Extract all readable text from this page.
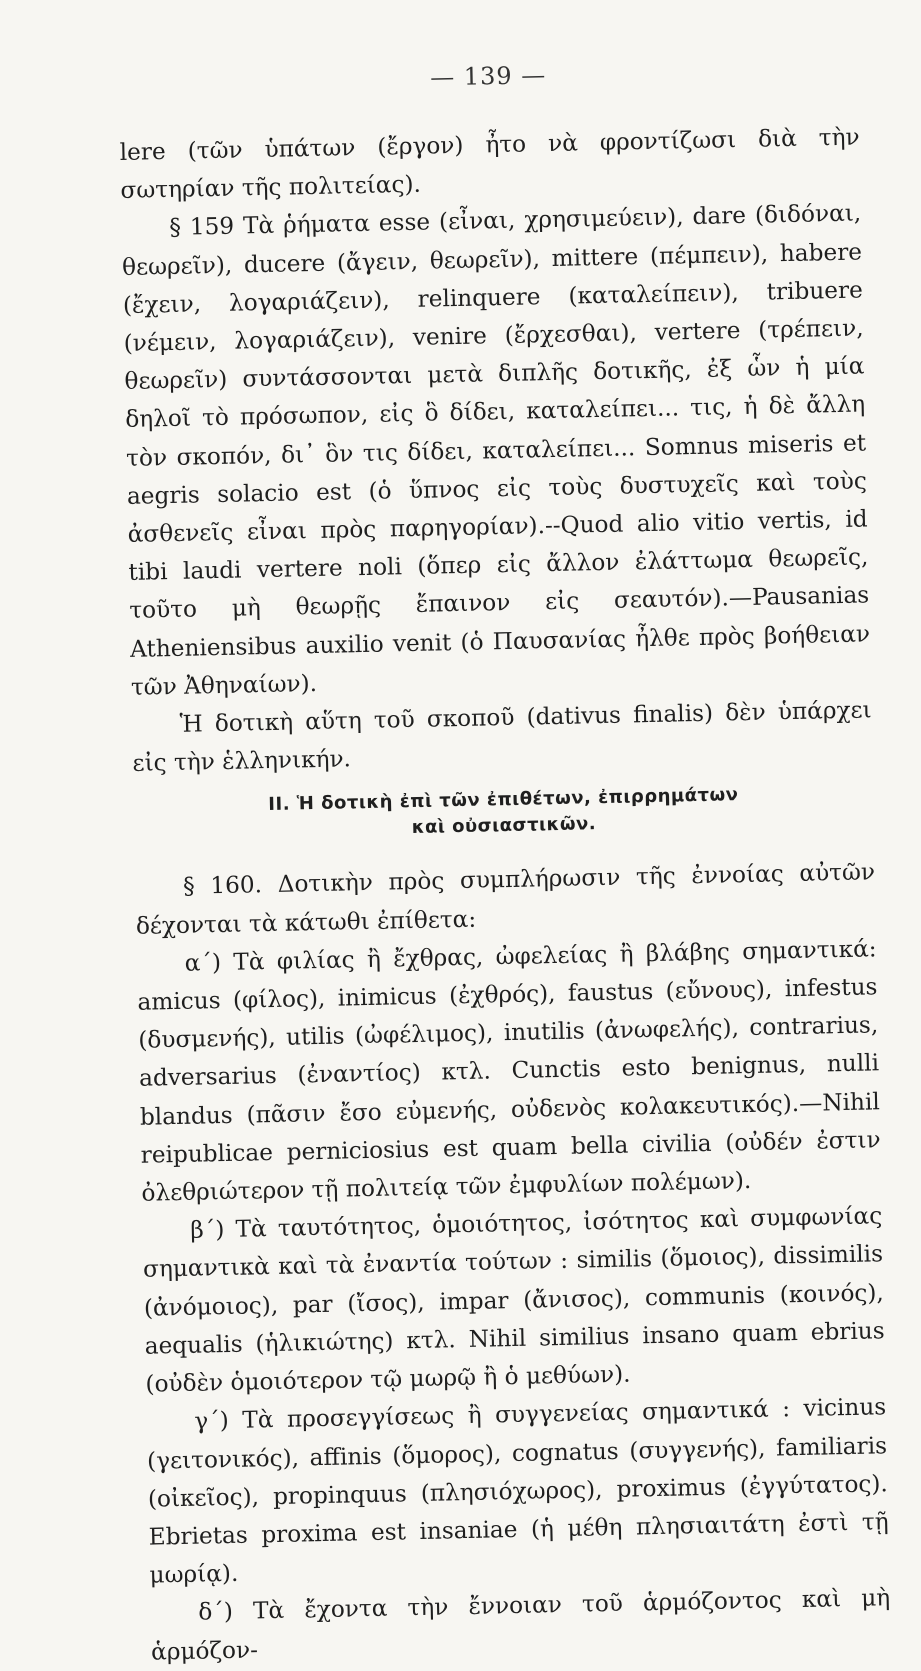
— 139 —

lere (τῶν ὑπάτων (ἔργον) ἦτο νὰ φροντίζωσι διὰ τὴν σωτηρίαν τῆς πολιτείας).

§ 159 Τὰ ῥήματα esse (εἶναι, χρησιμεύειν), dare (διδόναι, θεωρεῖν), ducere (ἄγειν, θεωρεῖν), mittere (πέμπειν), habere (ἔχειν, λογαριάζειν), relinquere (καταλείπειν), tribuere (νέμειν, λογαριάζειν), venire (ἔρχεσθαι), vertere (τρέπειν, θεωρεῖν) συντάσσονται μετὰ διπλῆς δοτικῆς, ἐξ ὧν ἡ μία δηλοῖ τὸ πρόσωπον, εἰς ὃ δίδει, καταλείπει... τις, ἡ δὲ ἄλλη τὸν σκοπόν, δι᾽ ὃν τις δίδει, καταλείπει... Somnus miseris et aegris solacio est (ὁ ὕπνος εἰς τοὺς δυστυχεῖς καὶ τοὺς ἀσθενεῖς εἶναι πρὸς παρηγορίαν).--Quod alio vitio vertis, id tibi laudi vertere noli (ὅπερ εἰς ἄλλον ἐλάττωμα θεωρεῖς, τοῦτο μὴ θεωρῇς ἔπαινον εἰς σεαυτόν).—Pausanias Atheniensibus auxilio venit (ὁ Παυσανίας ἦλθε πρὸς βοήθειαν τῶν Ἀθηναίων).

Ἡ δοτικὴ αὕτη τοῦ σκοποῦ (dativus finalis) δὲν ὑπάρχει εἰς τὴν ἑλληνικήν.

II. Ἡ δοτικὴ ἐπὶ τῶν ἐπιθέτων, ἐπιρρημάτων
καὶ οὐσιαστικῶν.

§ 160. Δοτικὴν πρὸς συμπλήρωσιν τῆς ἐννοίας αὐτῶν δέχονται τὰ κάτωθι ἐπίθετα:

α´) Τὰ φιλίας ἢ ἔχθρας, ὠφελείας ἢ βλάβης σημαντικά: amicus (φίλος), inimicus (ἐχθρός), faustus (εὔνους), infestus (δυσμενής), utilis (ὠφέλιμος), inutilis (ἀνωφελής), contrarius, adversarius (ἐναντίος) κτλ. Cunctis esto benignus, nulli blandus (πᾶσιν ἔσο εὐμενής, οὐδενὸς κολακευτικός).—Nihil reipublicae perniciosius est quam bella civilia (οὐδέν ἐστιν ὀλεθριώτερον τῇ πολιτείᾳ τῶν ἐμφυλίων πολέμων).

β´) Τὰ ταυτότητος, ὁμοιότητος, ἰσότητος καὶ συμφωνίας σημαντικὰ καὶ τὰ ἐναντία τούτων : similis (ὅμοιος), dissimilis (ἀνόμοιος), par (ἴσος), impar (ἄνισος), communis (κοινός), aequalis (ἡλικιώτης) κτλ. Nihil similius insano quam ebrius (οὐδὲν ὁμοιότερον τῷ μωρῷ ἢ ὁ μεθύων).

γ´) Τὰ προσεγγίσεως ἢ συγγενείας σημαντικά : vicinus (γειτονικός), affinis (ὅμορος), cognatus (συγγενής), familiaris (οἰκεῖος), propinquus (πλησιόχωρος), proximus (ἐγγύτατος). Ebrietas proxima est insaniae (ἡ μέθη πλησιαιτάτη ἐστὶ τῇ μωρίᾳ).

δ´) Τὰ ἔχοντα τὴν ἔννοιαν τοῦ ἁρμόζοντος καὶ μὴ ἁρμόζον-
